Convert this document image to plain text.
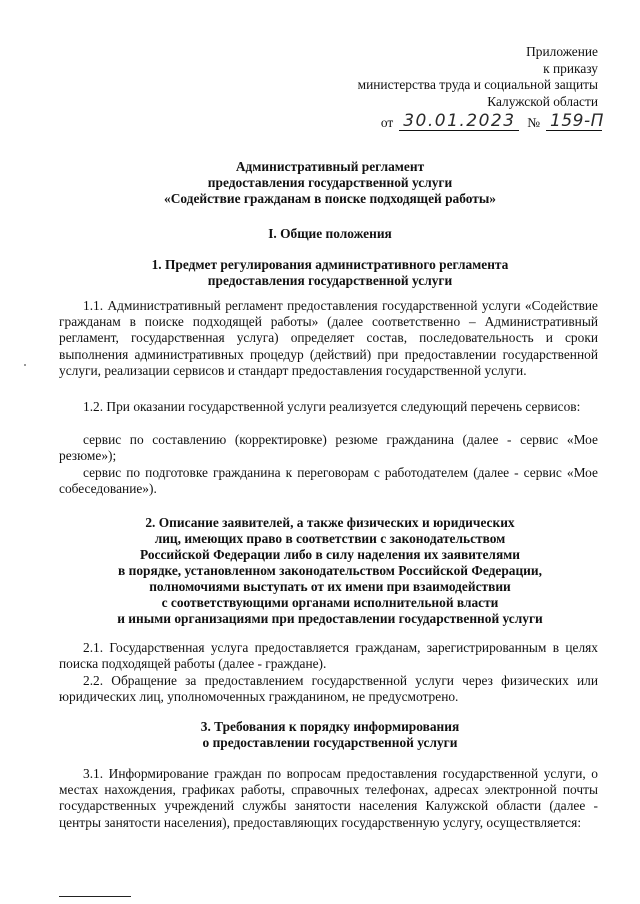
Приложение
к приказу
министерства труда и социальной защиты
Калужской области
от 30.01.2023 № 159-П
Административный регламент
предоставления государственной услуги
«Содействие гражданам в поиске подходящей работы»
I. Общие положения
1. Предмет регулирования административного регламента
предоставления государственной услуги
1.1. Административный регламент предоставления государственной услуги «Содействие гражданам в поиске подходящей работы» (далее соответственно – Административный регламент, государственная услуга) определяет состав, последовательность и сроки выполнения административных процедур (действий) при предоставлении государственной услуги, реализации сервисов и стандарт предоставления государственной услуги.
1.2. При оказании государственной услуги реализуется следующий перечень сервисов:
сервис по составлению (корректировке) резюме гражданина (далее - сервис «Мое резюме»);
сервис по подготовке гражданина к переговорам с работодателем (далее - сервис «Мое собеседование»).
2. Описание заявителей, а также физических и юридических
лиц, имеющих право в соответствии с законодательством
Российской Федерации либо в силу наделения их заявителями
в порядке, установленном законодательством Российской Федерации,
полномочиями выступать от их имени при взаимодействии
с соответствующими органами исполнительной власти
и иными организациями при предоставлении государственной услуги
2.1. Государственная услуга предоставляется гражданам, зарегистрированным в целях поиска подходящей работы (далее - граждане).
2.2. Обращение за предоставлением государственной услуги через физических или юридических лиц, уполномоченных гражданином, не предусмотрено.
3. Требования к порядку информирования
о предоставлении государственной услуги
3.1. Информирование граждан по вопросам предоставления государственной услуги, о местах нахождения, графиках работы, справочных телефонах, адресах электронной почты государственных учреждений службы занятости населения Калужской области (далее - центры занятости населения), предоставляющих государственную услугу, осуществляется:
